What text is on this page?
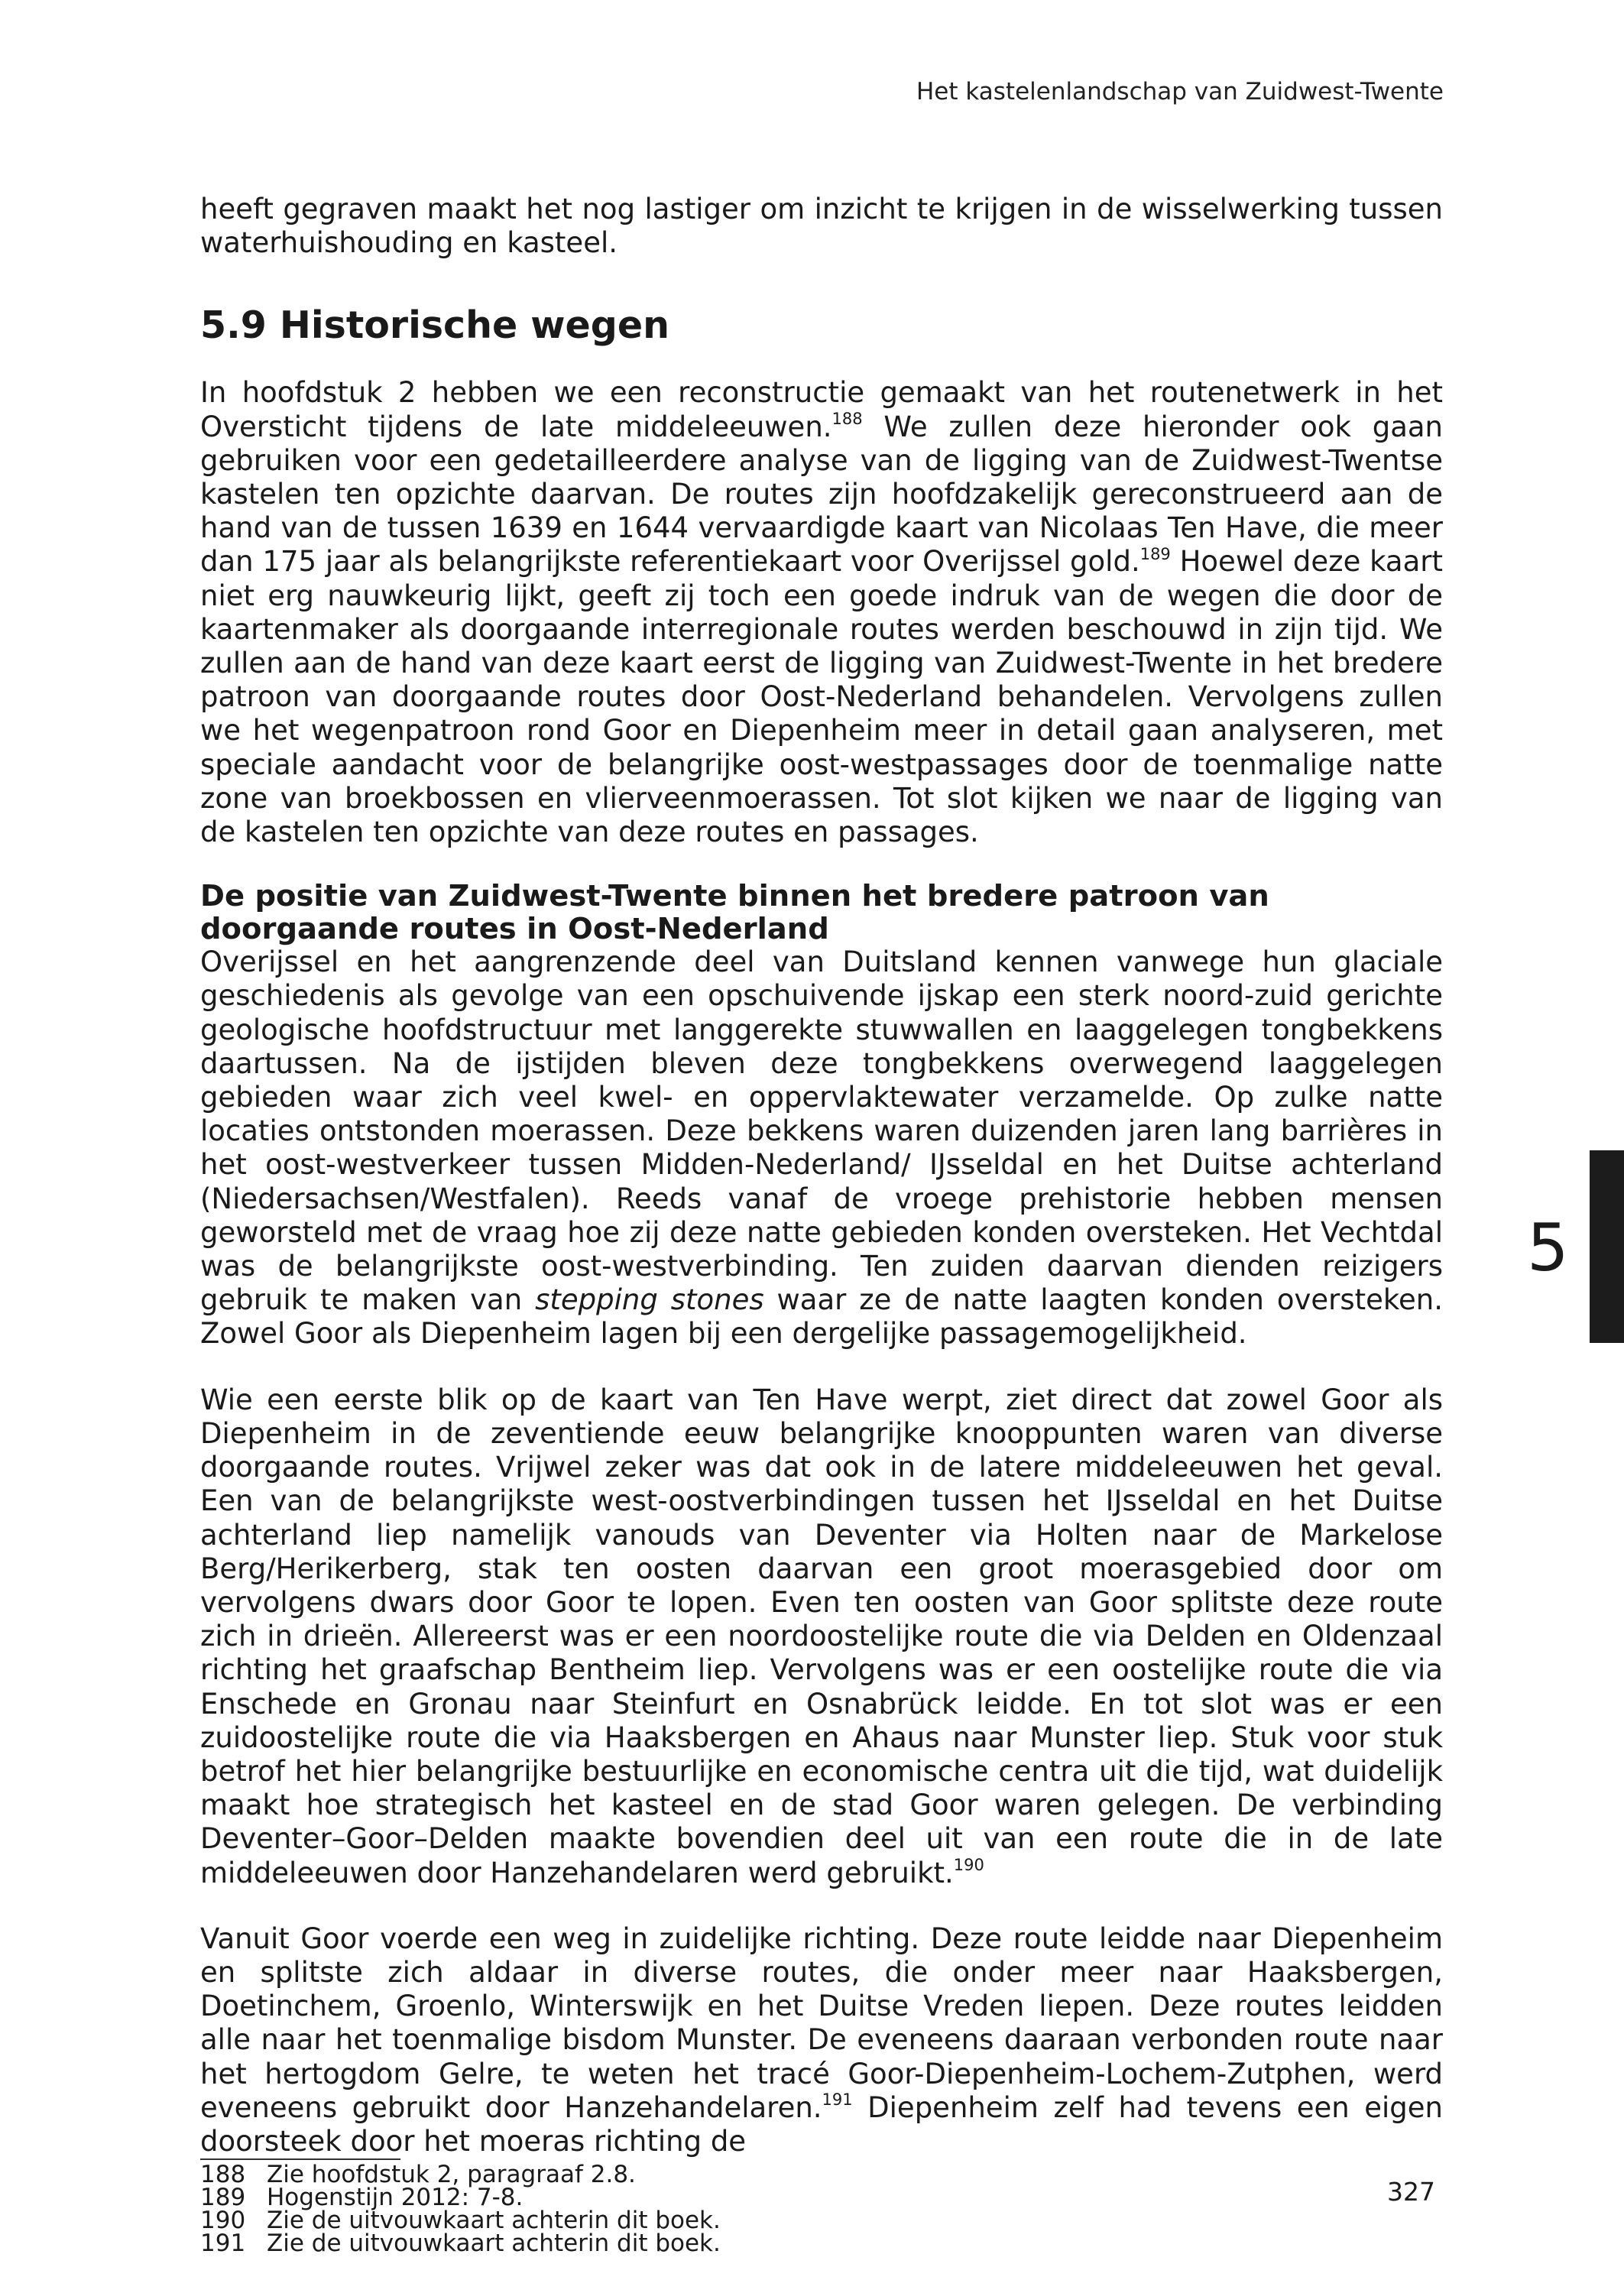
Het kastelenlandschap van Zuidwest-Twente

heeft gegraven maakt het nog lastiger om inzicht te krijgen in de wisselwerking tussen waterhuishouding en kasteel.

5.9 Historische wegen

In hoofdstuk 2 hebben we een reconstructie gemaakt van het routenetwerk in het Oversticht tijdens de late middeleeuwen.$^{188}$ We zullen deze hieronder ook gaan gebruiken voor een gedetailleerdere analyse van de ligging van de Zuidwest-Twentse kastelen ten opzichte daarvan. De routes zijn hoofdzakelijk gereconstrueerd aan de hand van de tussen 1639 en 1644 vervaardigde kaart van Nicolaas Ten Have, die meer dan 175 jaar als belangrijkste referentiekaart voor Overijssel gold.$^{189}$ Hoewel deze kaart niet erg nauwkeurig lijkt, geeft zij toch een goede indruk van de wegen die door de kaartenmaker als doorgaande interregionale routes werden beschouwd in zijn tijd. We zullen aan de hand van deze kaart eerst de ligging van Zuidwest-Twente in het bredere patroon van doorgaande routes door Oost-Nederland behandelen. Vervolgens zullen we het wegenpatroon rond Goor en Diepenheim meer in detail gaan analyseren, met speciale aandacht voor de belangrijke oost-westpassages door de toenmalige natte zone van broekbossen en vlierveenmoerassen. Tot slot kijken we naar de ligging van de kastelen ten opzichte van deze routes en passages.

De positie van Zuidwest-Twente binnen het bredere patroon van doorgaande routes in Oost-Nederland

Overijssel en het aangrenzende deel van Duitsland kennen vanwege hun glaciale geschiedenis als gevolge van een opschuivende ijskap een sterk noord-zuid gerichte geologische hoofdstructuur met langgerekte stuwwallen en laaggelegen tongbekkens daartussen. Na de ijstijden bleven deze tongbekkens overwegend laaggelegen gebieden waar zich veel kwel- en oppervlaktewater verzamelde. Op zulke natte locaties ontstonden moerassen. Deze bekkens waren duizenden jaren lang barrières in het oost-westverkeer tussen Midden-Nederland/ IJsseldal en het Duitse achterland (Niedersachsen/Westfalen). Reeds vanaf de vroege prehistorie hebben mensen geworsteld met de vraag hoe zij deze natte gebieden konden oversteken. Het Vechtdal was de belangrijkste oost-westverbinding. Ten zuiden daarvan dienden reizigers gebruik te maken van stepping stones waar ze de natte laagten konden oversteken. Zowel Goor als Diepenheim lagen bij een dergelijke passagemogelijkheid.

Wie een eerste blik op de kaart van Ten Have werpt, ziet direct dat zowel Goor als Diepenheim in de zeventiende eeuw belangrijke knooppunten waren van diverse doorgaande routes. Vrijwel zeker was dat ook in de latere middeleeuwen het geval. Een van de belangrijkste west-oostverbindingen tussen het IJsseldal en het Duitse achterland liep namelijk vanouds van Deventer via Holten naar de Markelose Berg/Herikerberg, stak ten oosten daarvan een groot moerasgebied door om vervolgens dwars door Goor te lopen. Even ten oosten van Goor splitste deze route zich in drieën. Allereerst was er een noordoostelijke route die via Delden en Oldenzaal richting het graafschap Bentheim liep. Vervolgens was er een oostelijke route die via Enschede en Gronau naar Steinfurt en Osnabrück leidde. En tot slot was er een zuidoostelijke route die via Haaksbergen en Ahaus naar Munster liep. Stuk voor stuk betrof het hier belangrijke bestuurlijke en economische centra uit die tijd, wat duidelijk maakt hoe strategisch het kasteel en de stad Goor waren gelegen. De verbinding Deventer–Goor–Delden maakte bovendien deel uit van een route die in de late middeleeuwen door Hanzehandelaren werd gebruikt.$^{190}$

Vanuit Goor voerde een weg in zuidelijke richting. Deze route leidde naar Diepenheim en splitste zich aldaar in diverse routes, die onder meer naar Haaksbergen, Doetinchem, Groenlo, Winterswijk en het Duitse Vreden liepen. Deze routes leidden alle naar het toenmalige bisdom Munster. De eveneens daaraan verbonden route naar het hertogdom Gelre, te weten het tracé Goor-Diepenheim-Lochem-Zutphen, werd eveneens gebruikt door Hanzehandelaren.$^{191}$ Diepenheim zelf had tevens een eigen doorsteek door het moeras richting de

188 Zie hoofdstuk 2, paragraaf 2.8.
189 Hogenstijn 2012: 7-8.
190 Zie de uitvouwkaart achterin dit boek.
191 Zie de uitvouwkaart achterin dit boek.
5
327
